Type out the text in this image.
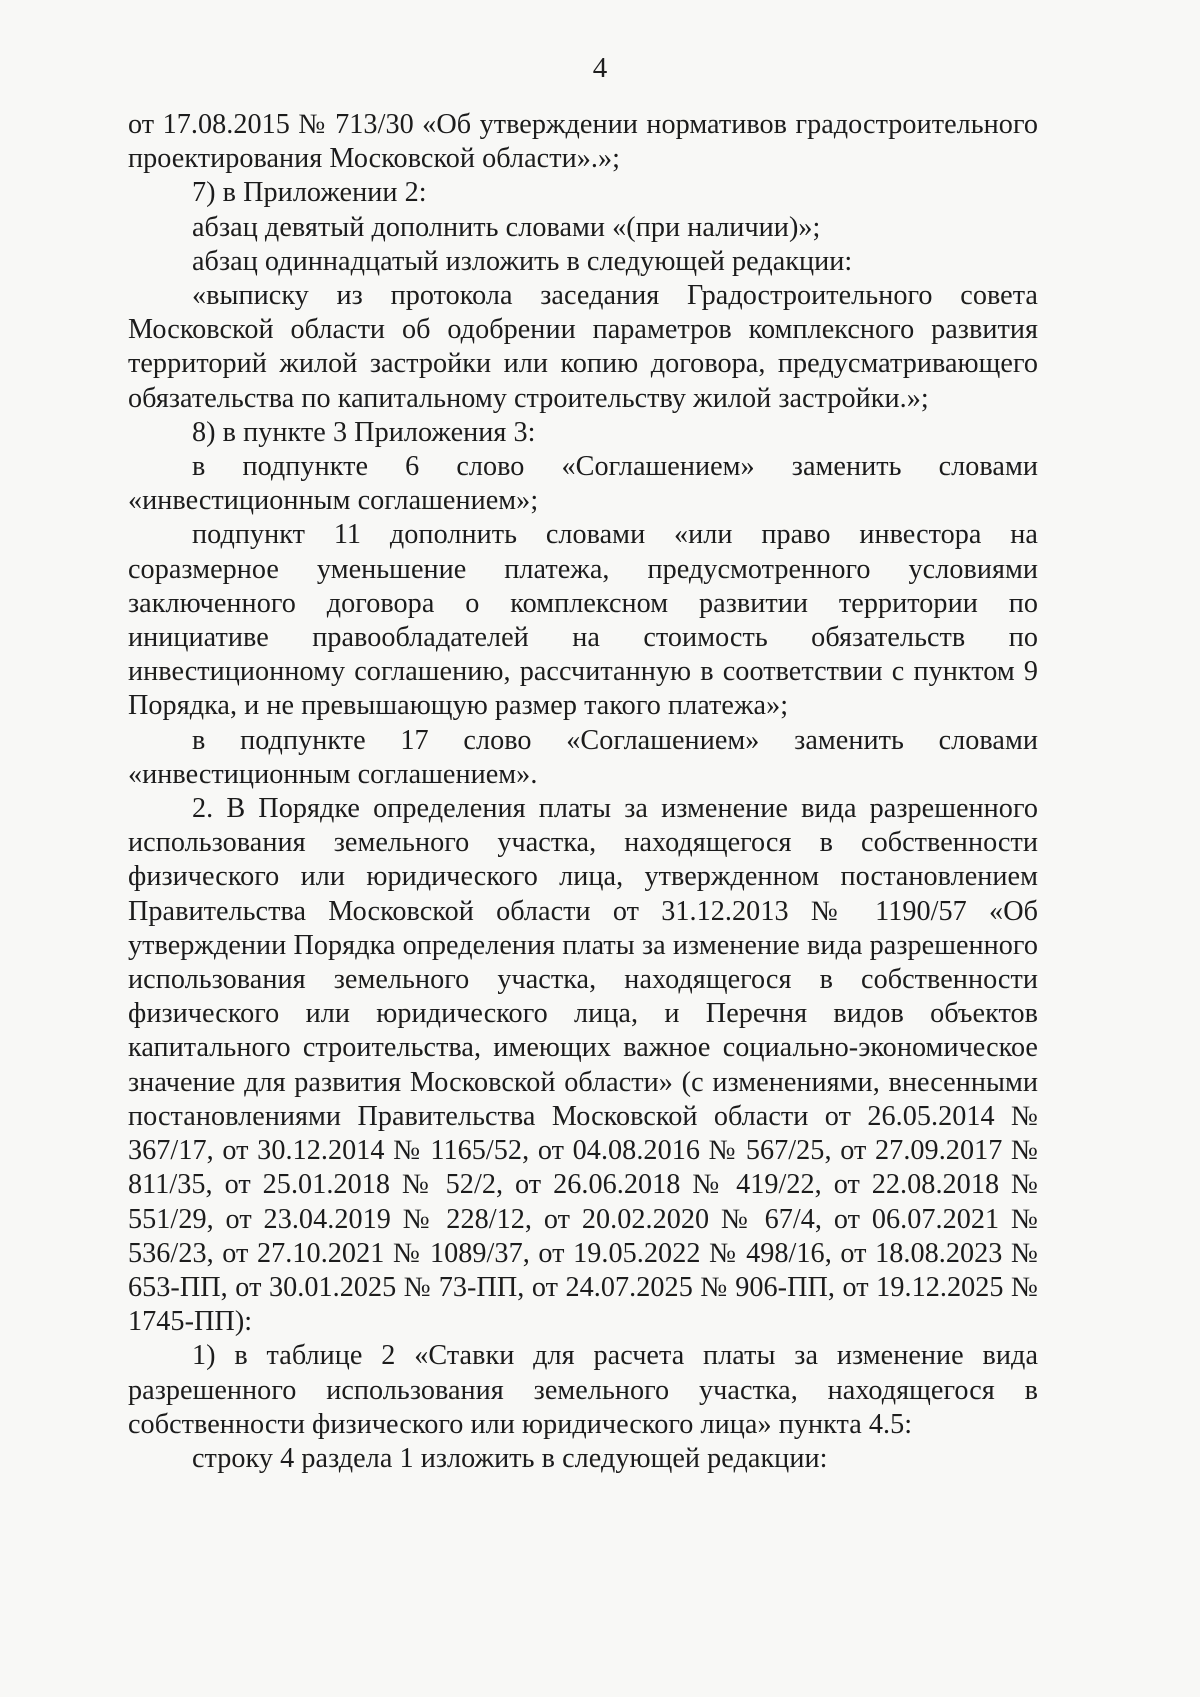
4

от 17.08.2015 № 713/30 «Об утверждении нормативов градостроительного проектирования Московской области».»;

7) в Приложении 2:

абзац девятый дополнить словами «(при наличии)»;

абзац одиннадцатый изложить в следующей редакции:

«выписку из протокола заседания Градостроительного совета Московской области об одобрении параметров комплексного развития территорий жилой застройки или копию договора, предусматривающего обязательства по капитальному строительству жилой застройки.»;

8) в пункте 3 Приложения 3:

в подпункте 6 слово «Соглашением» заменить словами «инвестиционным соглашением»;

подпункт 11 дополнить словами «или право инвестора на соразмерное уменьшение платежа, предусмотренного условиями заключенного договора о комплексном развитии территории по инициативе правообладателей на стоимость обязательств по инвестиционному соглашению, рассчитанную в соответствии с пунктом 9 Порядка, и не превышающую размер такого платежа»;

в подпункте 17 слово «Соглашением» заменить словами «инвестиционным соглашением».

2. В Порядке определения платы за изменение вида разрешенного использования земельного участка, находящегося в собственности физического или юридического лица, утвержденном постановлением Правительства Московской области от 31.12.2013 № 1190/57 «Об утверждении Порядка определения платы за изменение вида разрешенного использования земельного участка, находящегося в собственности физического или юридического лица, и Перечня видов объектов капитального строительства, имеющих важное социально-экономическое значение для развития Московской области» (с изменениями, внесенными постановлениями Правительства Московской области от 26.05.2014 № 367/17, от 30.12.2014 № 1165/52, от 04.08.2016 № 567/25, от 27.09.2017 № 811/35, от 25.01.2018 № 52/2, от 26.06.2018 № 419/22, от 22.08.2018 № 551/29, от 23.04.2019 № 228/12, от 20.02.2020 № 67/4, от 06.07.2021 № 536/23, от 27.10.2021 № 1089/37, от 19.05.2022 № 498/16, от 18.08.2023 № 653-ПП, от 30.01.2025 № 73-ПП, от 24.07.2025 № 906-ПП, от 19.12.2025 № 1745-ПП):

1) в таблице 2 «Ставки для расчета платы за изменение вида разрешенного использования земельного участка, находящегося в собственности физического или юридического лица» пункта 4.5:

строку 4 раздела 1 изложить в следующей редакции:
